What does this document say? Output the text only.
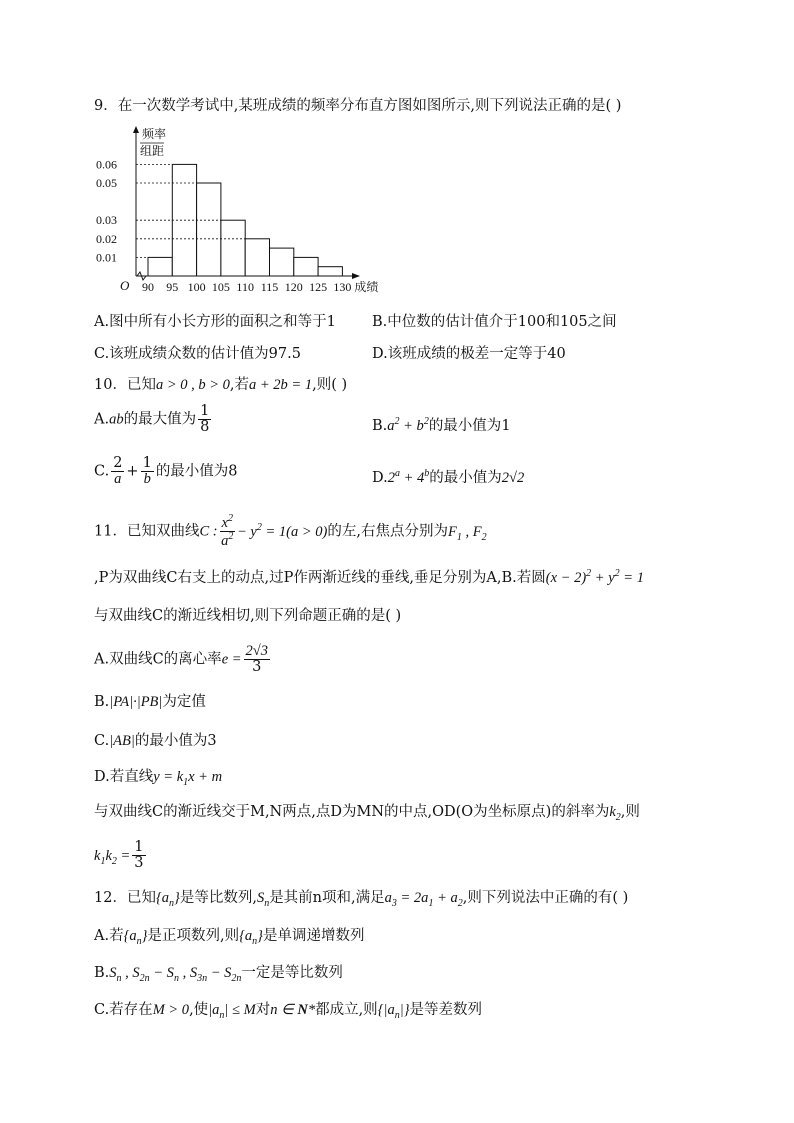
9．在一次数学考试中,某班成绩的频率分布直方图如图所示,则下列说法正确的是( )
频率
组距
O
0.01
0.02
0.03
0.05
0.06
90 95 100 105 110 115 120 125 130 成绩
A.图中所有小长方形的面积之和等于1 B.中位数的估计值介于100和105之间
C.该班成绩众数的估计值为97.5	D.该班成绩的极差一定等于40
10．已知a > 0 , b > 0,若a + 2b = 1,则( )
A.ab的最大值为 $\frac{1}{8}$	$B.a^2 + b^2$的最小值为1
C. $\frac{2}{a} + \frac{1}{b}$ 的最小值为8	$D.2^a + 4^b$的最小值为2√2
11．已知双曲线C : $\frac{x^2}{a^2} - y^2 = 1(a > 0)$的左,右焦点分别为$F_1$ , $F_2$
,P为双曲线C右支上的动点,过P作两渐近线的垂线,垂足分别为A,B.若圆$(x - 2)^2 + y^2 = 1$
与双曲线C的渐近线相切,则下列命题正确的是( )
A.双曲线C的离心率$e = \frac{2√3}{3}$
B.|PA|·|PB|为定值
C.|AB|的最小值为3
D.若直线$y = k_1x + m$
与双曲线C的渐近线交于M,N两点,点D为MN的中点,OD(O为坐标原点)的斜率为$k_2$,则
$k_1k_2 = \frac{1}{3}$
12．已知$\{a_n\}$是等比数列$,S_n$是其前n项和,满足$a_3 = 2a_1 + a_2$,则下列说法中正确的有( )
A.若$\{a_n\}$是正项数列,则$\{a_n\}$是单调递增数列
$B.S_n$ , $S_{2n} - S_n$ , $S_{3n} - S_{2n}$一定是等比数列
C.若存在M > 0,使$|a_n| \le M$对n ∈ N*都成立,则$\{|a_n|\}$是等差数列
